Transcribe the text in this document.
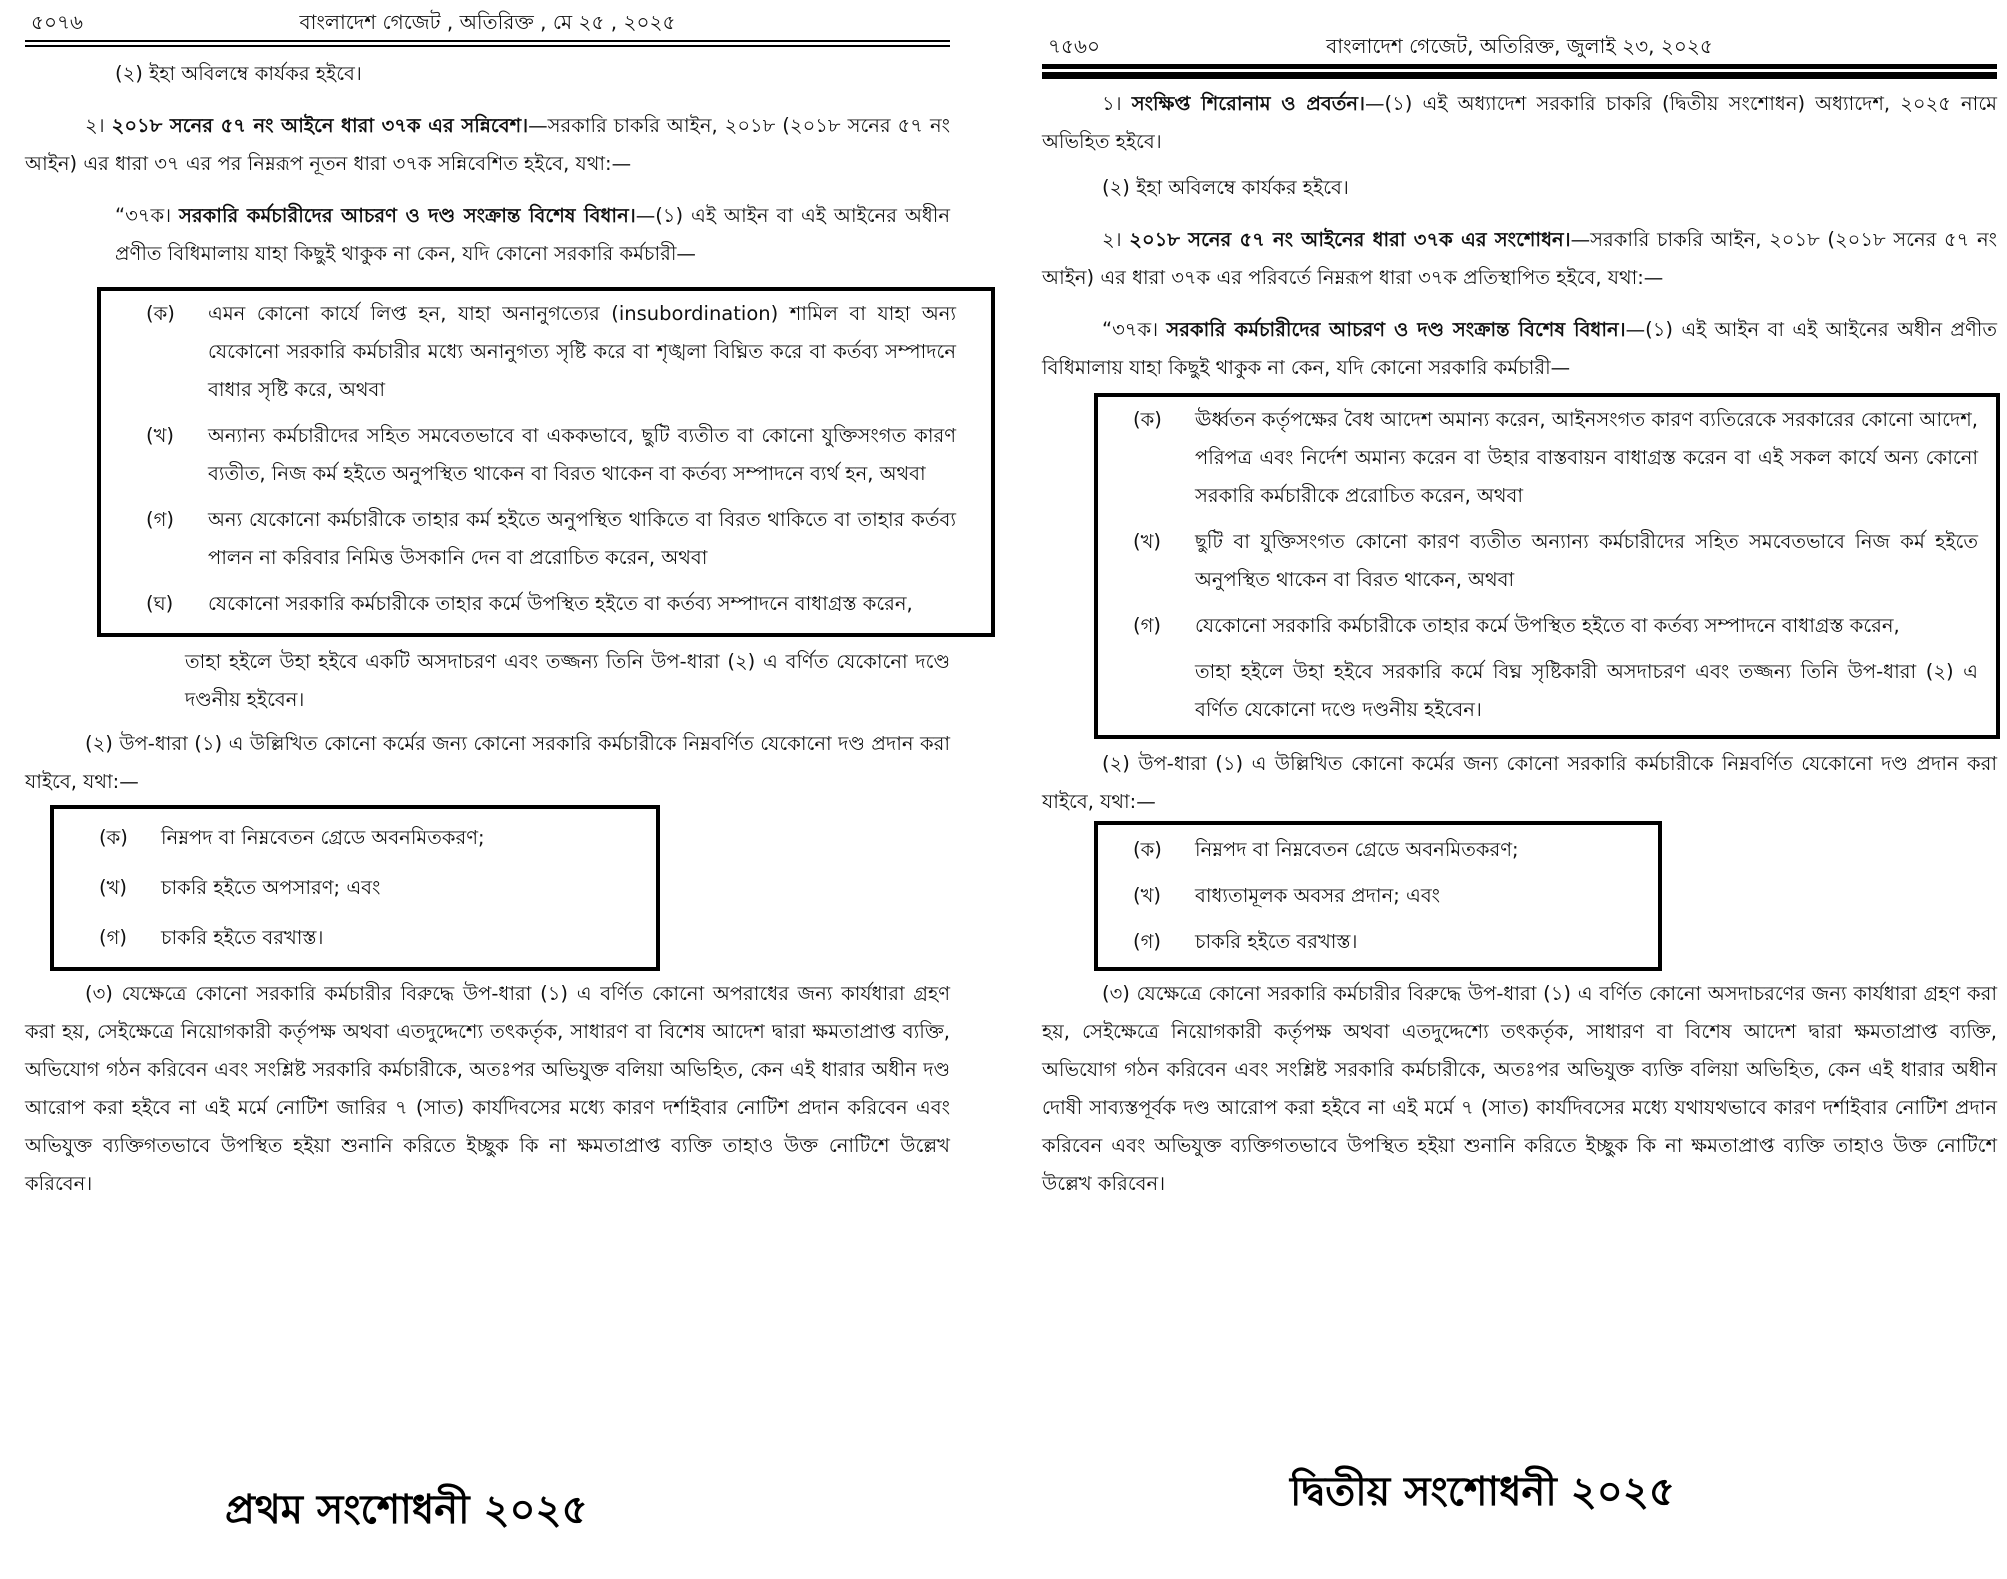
৫০৭৬	বাংলাদেশ গেজেট , অতিরিক্ত , মে ২৫ , ২০২৫

(২) ইহা অবিলম্বে কার্যকর হইবে।

২। ২০১৮ সনের ৫৭ নং আইনে ধারা ৩৭ক এর সন্নিবেশ।—সরকারি চাকরি আইন, ২০১৮ (২০১৮ সনের ৫৭ নং আইন) এর ধারা ৩৭ এর পর নিম্নরূপ নূতন ধারা ৩৭ক সন্নিবেশিত হইবে, যথা:—

“৩৭ক। সরকারি কর্মচারীদের আচরণ ও দণ্ড সংক্রান্ত বিশেষ বিধান।—(১) এই আইন বা এই আইনের অধীন প্রণীত বিধিমালায় যাহা কিছুই থাকুক না কেন, যদি কোনো সরকারি কর্মচারী—

(ক)	এমন কোনো কার্যে লিপ্ত হন, যাহা অনানুগত্যের (insubordination) শামিল বা যাহা অন্য যেকোনো সরকারি কর্মচারীর মধ্যে অনানুগত্য সৃষ্টি করে বা শৃঙ্খলা বিঘ্নিত করে বা কর্তব্য সম্পাদনে বাধার সৃষ্টি করে, অথবা
(খ)	অন্যান্য কর্মচারীদের সহিত সমবেতভাবে বা এককভাবে, ছুটি ব্যতীত বা কোনো যুক্তিসংগত কারণ ব্যতীত, নিজ কর্ম হইতে অনুপস্থিত থাকেন বা বিরত থাকেন বা কর্তব্য সম্পাদনে ব্যর্থ হন, অথবা
(গ)	অন্য যেকোনো কর্মচারীকে তাহার কর্ম হইতে অনুপস্থিত থাকিতে বা বিরত থাকিতে বা তাহার কর্তব্য পালন না করিবার নিমিত্ত উসকানি দেন বা প্ররোচিত করেন, অথবা
(ঘ)	যেকোনো সরকারি কর্মচারীকে তাহার কর্মে উপস্থিত হইতে বা কর্তব্য সম্পাদনে বাধাগ্রস্ত করেন,

তাহা হইলে উহা হইবে একটি অসদাচরণ এবং তজ্জন্য তিনি উপ-ধারা (২) এ বর্ণিত যেকোনো দণ্ডে দণ্ডনীয় হইবেন।

(২) উপ-ধারা (১) এ উল্লিখিত কোনো কর্মের জন্য কোনো সরকারি কর্মচারীকে নিম্নবর্ণিত যেকোনো দণ্ড প্রদান করা যাইবে, যথা:—

(ক)	নিম্নপদ বা নিম্নবেতন গ্রেডে অবনমিতকরণ;
(খ)	চাকরি হইতে অপসারণ; এবং
(গ)	চাকরি হইতে বরখাস্ত।

(৩) যেক্ষেত্রে কোনো সরকারি কর্মচারীর বিরুদ্ধে উপ-ধারা (১) এ বর্ণিত কোনো অপরাধের জন্য কার্যধারা গ্রহণ করা হয়, সেইক্ষেত্রে নিয়োগকারী কর্তৃপক্ষ অথবা এতদুদ্দেশ্যে তৎকর্তৃক, সাধারণ বা বিশেষ আদেশ দ্বারা ক্ষমতাপ্রাপ্ত ব্যক্তি, অভিযোগ গঠন করিবেন এবং সংশ্লিষ্ট সরকারি কর্মচারীকে, অতঃপর অভিযুক্ত বলিয়া অভিহিত, কেন এই ধারার অধীন দণ্ড আরোপ করা হইবে না এই মর্মে নোটিশ জারির ৭ (সাত) কার্যদিবসের মধ্যে কারণ দর্শাইবার নোটিশ প্রদান করিবেন এবং অভিযুক্ত ব্যক্তিগতভাবে উপস্থিত হইয়া শুনানি করিতে ইচ্ছুক কি না ক্ষমতাপ্রাপ্ত ব্যক্তি তাহাও উক্ত নোটিশে উল্লেখ করিবেন।

প্রথম সংশোধনী ২০২৫
৭৫৬০	বাংলাদেশ গেজেট, অতিরিক্ত, জুলাই ২৩, ২০২৫

১। সংক্ষিপ্ত শিরোনাম ও প্রবর্তন।—(১) এই অধ্যাদেশ সরকারি চাকরি (দ্বিতীয় সংশোধন) অধ্যাদেশ, ২০২৫ নামে অভিহিত হইবে।

(২) ইহা অবিলম্বে কার্যকর হইবে।

২। ২০১৮ সনের ৫৭ নং আইনের ধারা ৩৭ক এর সংশোধন।—সরকারি চাকরি আইন, ২০১৮ (২০১৮ সনের ৫৭ নং আইন) এর ধারা ৩৭ক এর পরিবর্তে নিম্নরূপ ধারা ৩৭ক প্রতিস্থাপিত হইবে, যথা:—

“৩৭ক। সরকারি কর্মচারীদের আচরণ ও দণ্ড সংক্রান্ত বিশেষ বিধান।—(১) এই আইন বা এই আইনের অধীন প্রণীত বিধিমালায় যাহা কিছুই থাকুক না কেন, যদি কোনো সরকারি কর্মচারী—

(ক)	ঊর্ধ্বতন কর্তৃপক্ষের বৈধ আদেশ অমান্য করেন, আইনসংগত কারণ ব্যতিরেকে সরকারের কোনো আদেশ, পরিপত্র এবং নির্দেশ অমান্য করেন বা উহার বাস্তবায়ন বাধাগ্রস্ত করেন বা এই সকল কার্যে অন্য কোনো সরকারি কর্মচারীকে প্ররোচিত করেন, অথবা
(খ)	ছুটি বা যুক্তিসংগত কোনো কারণ ব্যতীত অন্যান্য কর্মচারীদের সহিত সমবেতভাবে নিজ কর্ম হইতে অনুপস্থিত থাকেন বা বিরত থাকেন, অথবা
(গ)	যেকোনো সরকারি কর্মচারীকে তাহার কর্মে উপস্থিত হইতে বা কর্তব্য সম্পাদনে বাধাগ্রস্ত করেন,

তাহা হইলে উহা হইবে সরকারি কর্মে বিঘ্ন সৃষ্টিকারী অসদাচরণ এবং তজ্জন্য তিনি উপ-ধারা (২) এ বর্ণিত যেকোনো দণ্ডে দণ্ডনীয় হইবেন।

(২) উপ-ধারা (১) এ উল্লিখিত কোনো কর্মের জন্য কোনো সরকারি কর্মচারীকে নিম্নবর্ণিত যেকোনো দণ্ড প্রদান করা যাইবে, যথা:—

(ক)	নিম্নপদ বা নিম্নবেতন গ্রেডে অবনমিতকরণ;
(খ)	বাধ্যতামূলক অবসর প্রদান; এবং
(গ)	চাকরি হইতে বরখাস্ত।

(৩) যেক্ষেত্রে কোনো সরকারি কর্মচারীর বিরুদ্ধে উপ-ধারা (১) এ বর্ণিত কোনো অসদাচরণের জন্য কার্যধারা গ্রহণ করা হয়, সেইক্ষেত্রে নিয়োগকারী কর্তৃপক্ষ অথবা এতদুদ্দেশ্যে তৎকর্তৃক, সাধারণ বা বিশেষ আদেশ দ্বারা ক্ষমতাপ্রাপ্ত ব্যক্তি, অভিযোগ গঠন করিবেন এবং সংশ্লিষ্ট সরকারি কর্মচারীকে, অতঃপর অভিযুক্ত ব্যক্তি বলিয়া অভিহিত, কেন এই ধারার অধীন দোষী সাব্যস্তপূর্বক দণ্ড আরোপ করা হইবে না এই মর্মে ৭ (সাত) কার্যদিবসের মধ্যে যথাযথভাবে কারণ দর্শাইবার নোটিশ প্রদান করিবেন এবং অভিযুক্ত ব্যক্তিগতভাবে উপস্থিত হইয়া শুনানি করিতে ইচ্ছুক কি না ক্ষমতাপ্রাপ্ত ব্যক্তি তাহাও উক্ত নোটিশে উল্লেখ করিবেন।

দ্বিতীয় সংশোধনী ২০২৫
